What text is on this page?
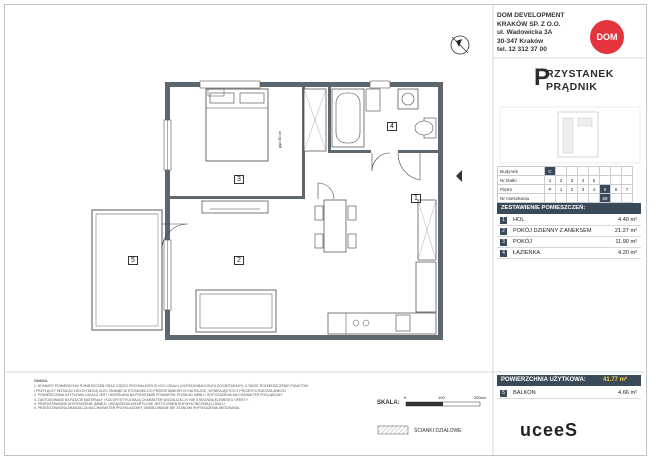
4
3
2
1
5
głęb.60 cm
DOM DEVELOPMENT
KRAKÓW SP. Z O.O.
ul. Wadowicka 3A
30-347 Kraków
tel. 12 312 37 00
DOM
P
RZYSTANEK
PRĄDNIK
Budynek	C							
Nr klatki	1	2	3	4	5			
Piętro	P	1	2	3	4	5	6	7
Nr mieszkania						59		
ZESTAWIENIE POMIESZCZEŃ:
1	HOL	4.40 m²
2	POKÓJ DZIENNY Z ANEKSEM	21.27 m²
3	POKÓJ	11.90 m²
4	ŁAZIENKA	4.20 m²
POWIERZCHNIA UŻYTKOWA:	41.77 m²
5	BALKON	4.66 m²
UWAGA:
1. WYMIARY POWIERZCHNI POMIESZCZEŃ ORAZ CZĘŚCI PRZYNALEŻNYCH DO LOKALU (OGRÓDKI/BALKONY/LOGGIE/TARASY), A TAKŻE ROZMIESZCZENIE PUNKTÓW
I PRZYŁĄCZY INSTALACYJNYCH MOGĄ ULEC ZMIANIE W STOSUNKU DO PRZEDSTAWIONYCH NA RZUCIE, WYNIKAJĄCYCH Z PROJEKTU BUDOWLANEGO.
2. POWIERZCHNIA UŻYTKOWA LOKALU JEST OKREŚLANA NA PODSTAWIE POMIARÓW. ROZKŁAD MEBLI I WYPOSAŻENIA MA CHARAKTER POGLĄDOWY.
3. ZASTOSOWANE NA RZUCIE MATERIAŁY I KOLORYSTYKA MAJĄ CHARAKTER WIZUALIZACJI I NIE STANOWIĄ ELEMENTU OFERTY.
4. PRZEDSTAWIONE WYPOSAŻENIE (MEBLE, URZĄDZENIA AGD/RTV) NIE JEST ELEMENTEM WYKOŃCZENIA LOKALU.
5. PRZEDSTAWIONA ARANŻACJA MA CHARAKTER PRZYKŁADOWY, UMEBLOWANIE NIE STANOWI WYPOSAŻENIA MIESZKANIA.
SKALA:
0	100	200cm
ŚCIANKI DZIAŁOWE	uceeS
